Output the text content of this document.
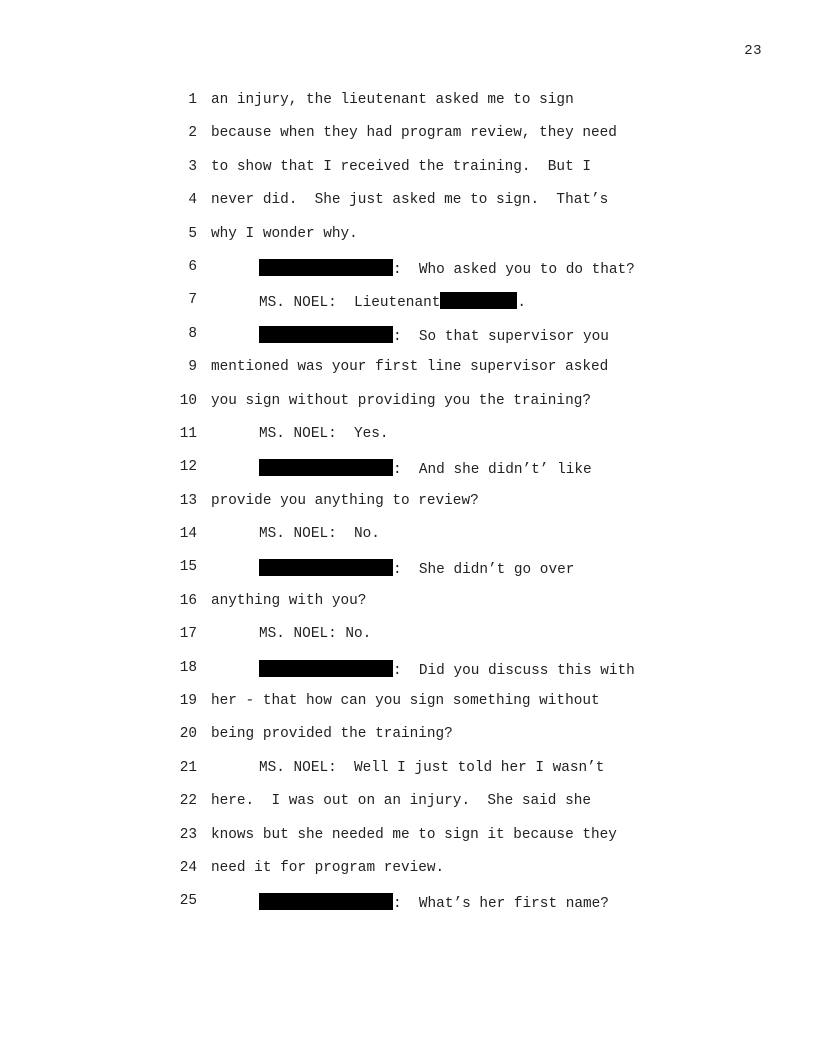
23

1

an injury, the lieutenant asked me to sign

2

because when they had program review, they need

3

to show that I received the training.  But I

4

never did.  She just asked me to sign.  That’s

5

why I wonder why.

6

	:  Who asked you to do that?

7

	MS. NOEL:  Lieutenant	.

8

	:  So that supervisor you

9

mentioned was your first line supervisor asked

10

you sign without providing you the training?

11

	MS. NOEL:  Yes.

12

	:  And she didn’t’ like

13

provide you anything to review?

14

	MS. NOEL:  No.

15

	:  She didn’t go over

16

anything with you?

17

	MS. NOEL: No.

18

	:  Did you discuss this with

19

her - that how can you sign something without

20

being provided the training?

21

	MS. NOEL:  Well I just told her I wasn’t

22

here.  I was out on an injury.  She said she

23

knows but she needed me to sign it because they

24

need it for program review.

25

	:  What’s her first name?
